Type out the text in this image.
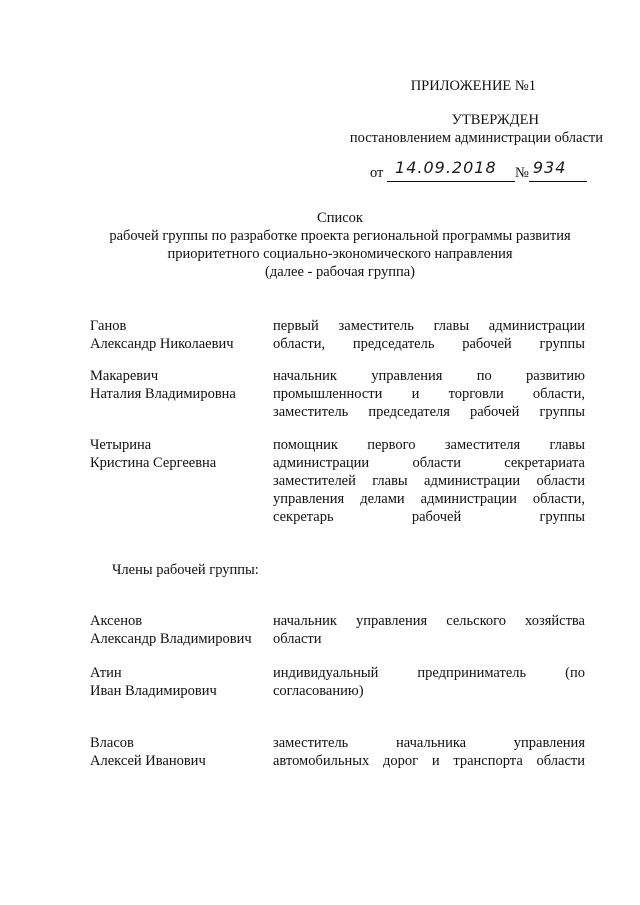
ПРИЛОЖЕНИЕ №1
УТВЕРЖДЕН
постановлением администрации области
от 14.09.2018 № 934
Список
рабочей группы по разработке проекта региональной программы развития
приоритетного социально-экономического направления
(далее - рабочая группа)
Ганов
Александр Николаевич
первый заместитель главы администрации области, председатель рабочей группы
Макаревич
Наталия Владимировна
начальник управления по развитию промышленности и торговли области, заместитель председателя рабочей группы
Четырина
Кристина Сергеевна
помощник первого заместителя главы администрации области секретариата заместителей главы администрации области управления делами администрации области, секретарь рабочей группы
Члены рабочей группы:
Аксенов
Александр Владимирович
начальник управления сельского хозяйства области
Атин
Иван Владимирович
индивидуальный предприниматель (по согласованию)
Власов
Алексей Иванович
заместитель начальника управления автомобильных дорог и транспорта области
